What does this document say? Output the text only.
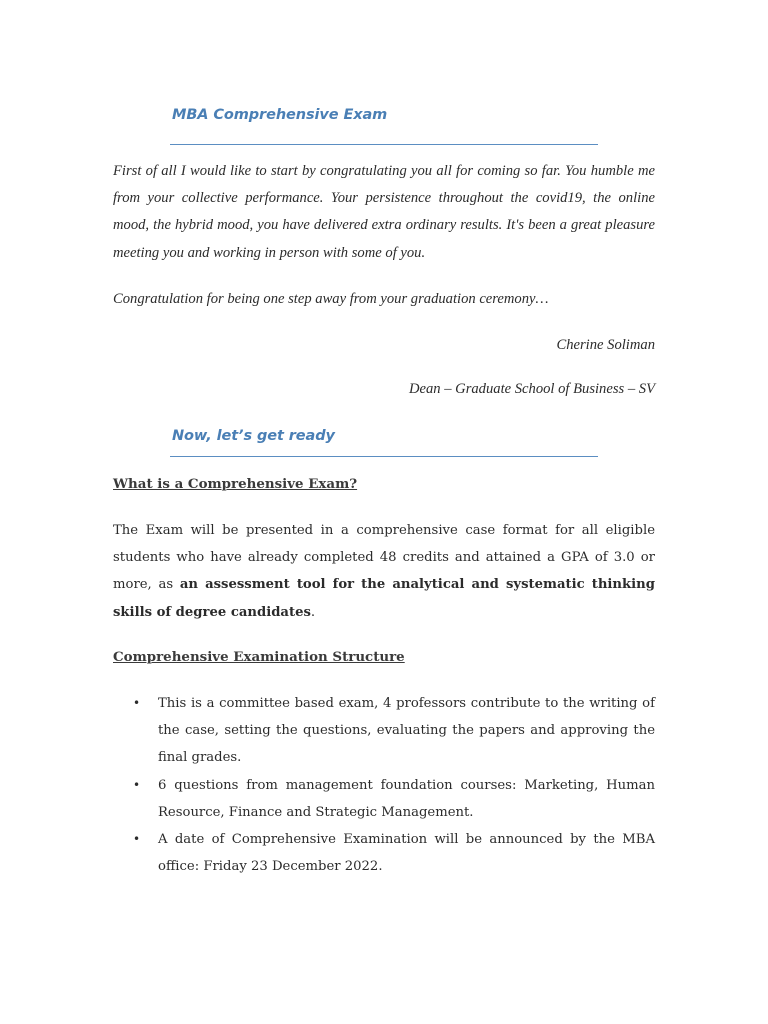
MBA Comprehensive Exam
First of all I would like to start by congratulating you all for coming so far. You humble me from your collective performance. Your persistence throughout the covid19, the online mood, the hybrid mood, you have delivered extra ordinary results. It's been a great pleasure meeting you and working in person with some of you.
Congratulation for being one step away from your graduation ceremony…
Cherine Soliman
Dean – Graduate School of Business – SV
Now, let’s get ready
What is a Comprehensive Exam?
The Exam will be presented in a comprehensive case format for all eligible students who have already completed 48 credits and attained a GPA of 3.0 or more, as an assessment tool for the analytical and systematic thinking skills of degree candidates.
Comprehensive Examination Structure
• This is a committee based exam, 4 professors contribute to the writing of the case, setting the questions, evaluating the papers and approving the final grades.
• 6 questions from management foundation courses: Marketing, Human Resource, Finance and Strategic Management.
• A date of Comprehensive Examination will be announced by the MBA office: Friday 23 December 2022.
